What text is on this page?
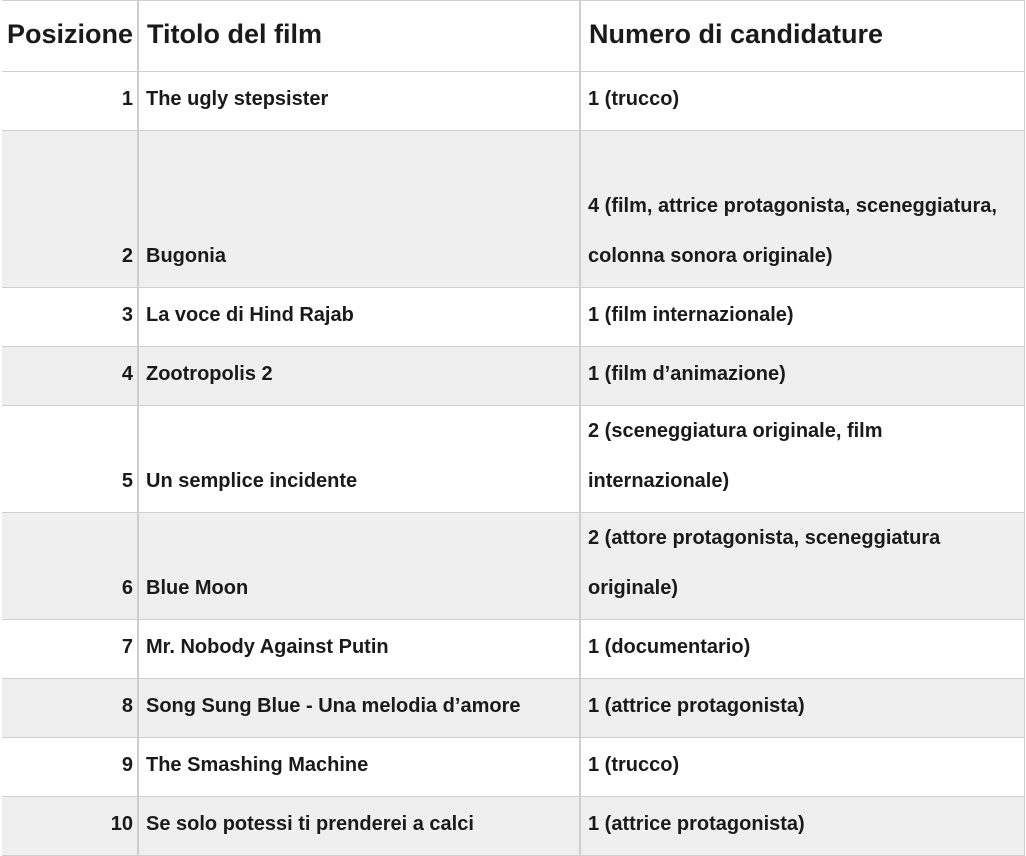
Posizione	Titolo del film	Numero di candidature
1	The ugly stepsister	1 (trucco)
2	Bugonia	4 (film, attrice protagonista, sceneggiatura, colonna sonora originale)
3	La voce di Hind Rajab	1 (film internazionale)
4	Zootropolis 2	1 (film d’animazione)
5	Un semplice incidente	2 (sceneggiatura originale, film internazionale)
6	Blue Moon	2 (attore protagonista, sceneggiatura originale)
7	Mr. Nobody Against Putin	1 (documentario)
8	Song Sung Blue - Una melodia d’amore	1 (attrice protagonista)
9	The Smashing Machine	1 (trucco)
10	Se solo potessi ti prenderei a calci	1 (attrice protagonista)
